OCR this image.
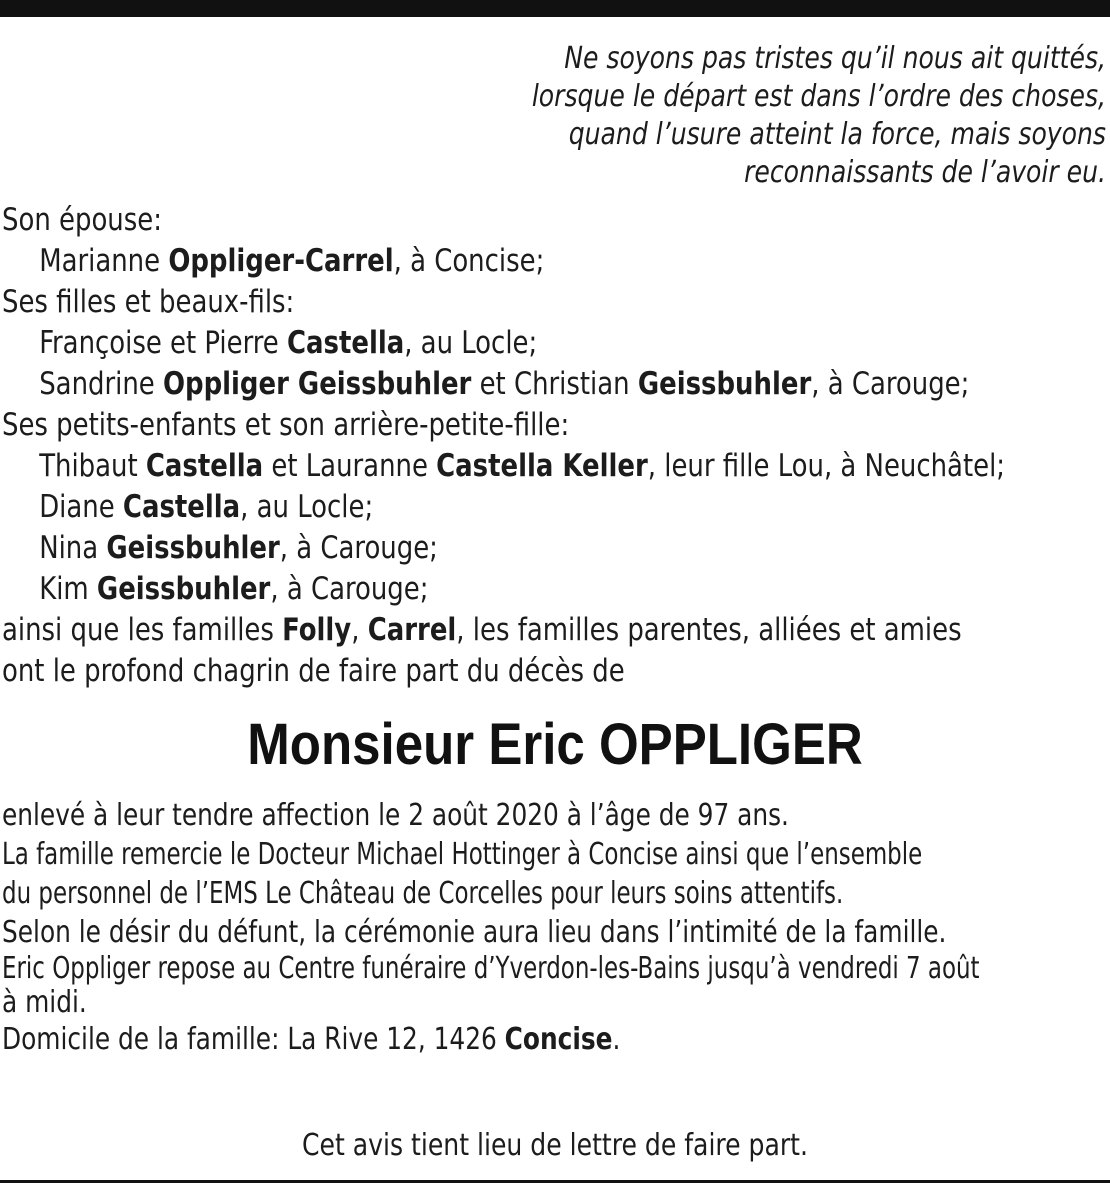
Ne soyons pas tristes qu’il nous ait quittés,
lorsque le départ est dans l’ordre des choses,
quand l’usure atteint la force, mais soyons
reconnaissants de l’avoir eu.
Son épouse:
Marianne Oppliger-Carrel, à Concise;
Ses filles et beaux-fils:
Françoise et Pierre Castella, au Locle;
Sandrine Oppliger Geissbuhler et Christian Geissbuhler, à Carouge;
Ses petits-enfants et son arrière-petite-fille:
Thibaut Castella et Lauranne Castella Keller, leur fille Lou, à Neuchâtel;
Diane Castella, au Locle;
Nina Geissbuhler, à Carouge;
Kim Geissbuhler, à Carouge;
ainsi que les familles Folly, Carrel, les familles parentes, alliées et amies
ont le profond chagrin de faire part du décès de
Monsieur Eric OPPLIGER
enlevé à leur tendre affection le 2 août 2020 à l’âge de 97 ans.
La famille remercie le Docteur Michael Hottinger à Concise ainsi que l’ensemble
du personnel de l’EMS Le Château de Corcelles pour leurs soins attentifs.
Selon le désir du défunt, la cérémonie aura lieu dans l’intimité de la famille.
Eric Oppliger repose au Centre funéraire d’Yverdon-les-Bains jusqu’à vendredi 7 août
à midi.
Domicile de la famille: La Rive 12, 1426 Concise.
Cet avis tient lieu de lettre de faire part.
